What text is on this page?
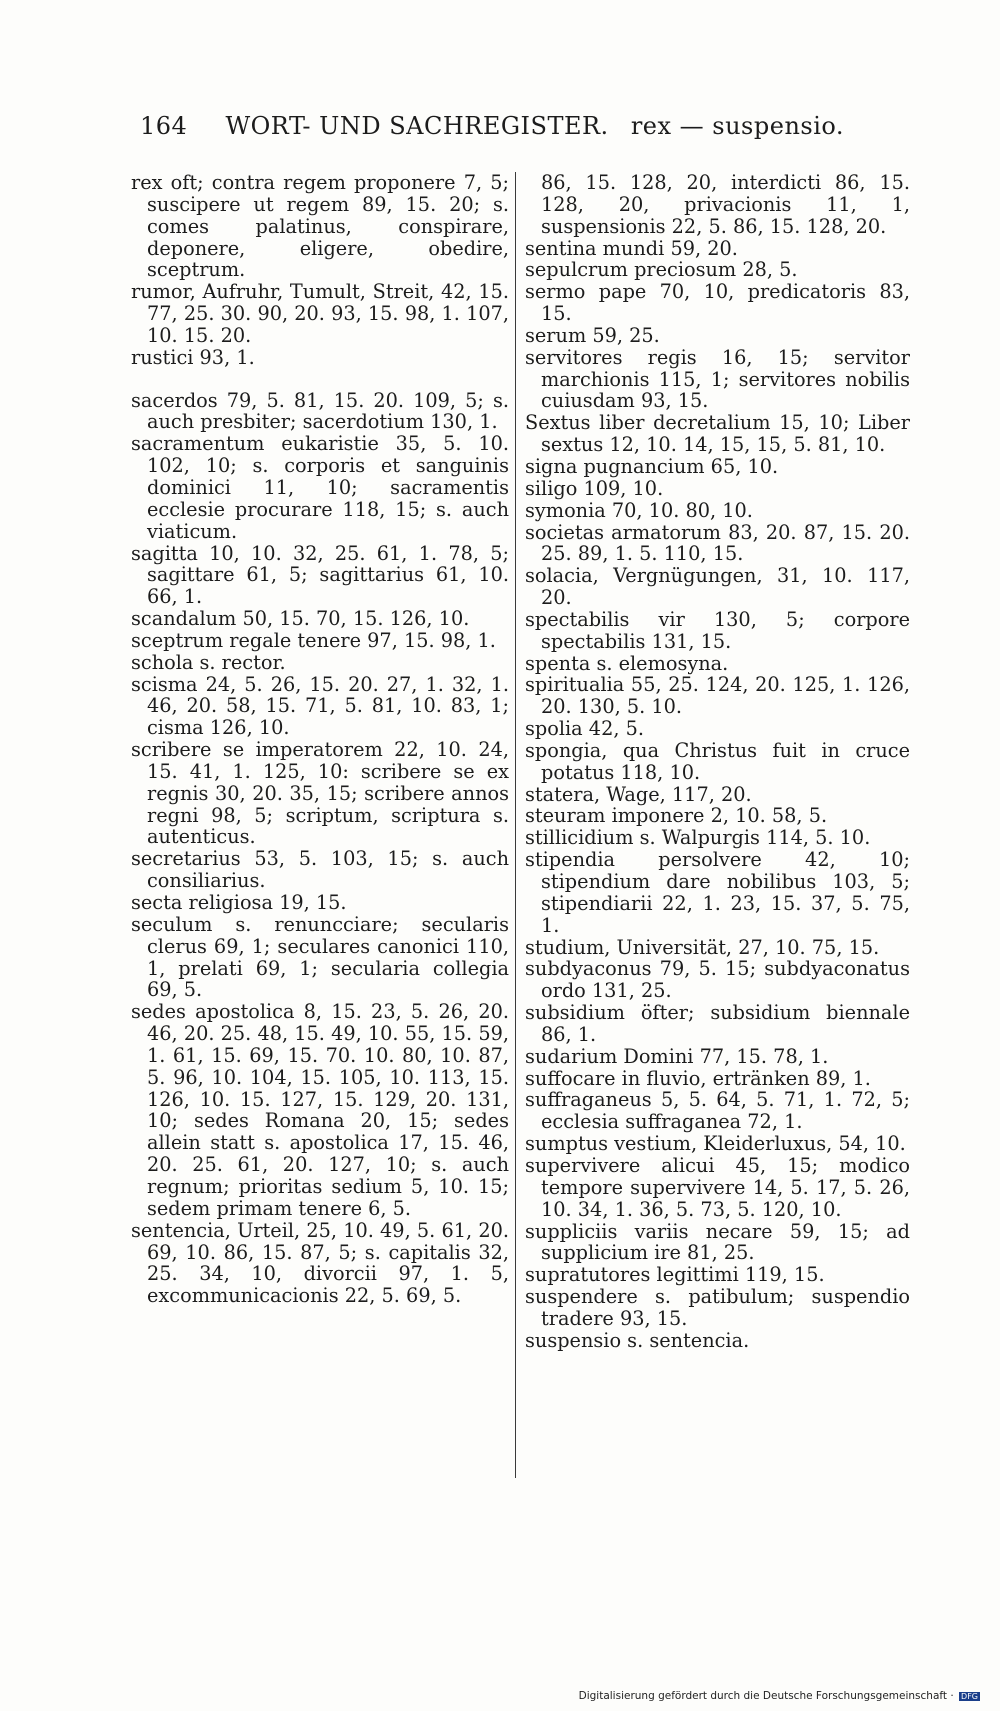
164 WORT- UND SACHREGISTER. rex — suspensio.

rex oft; contra regem proponere 7, 5; suscipere ut regem 89, 15. 20; s. comes palatinus, conspirare, deponere, eligere, obedire, sceptrum.

rumor, Aufruhr, Tumult, Streit, 42, 15. 77, 25. 30. 90, 20. 93, 15. 98, 1. 107, 10. 15. 20.

rustici 93, 1.

sacerdos 79, 5. 81, 15. 20. 109, 5; s. auch presbiter; sacerdotium 130, 1.

sacramentum eukaristie 35, 5. 10. 102, 10; s. corporis et sanguinis dominici 11, 10; sacramentis ecclesie procurare 118, 15; s. auch viaticum.

sagitta 10, 10. 32, 25. 61, 1. 78, 5; sagittare 61, 5; sagittarius 61, 10. 66, 1.

scandalum 50, 15. 70, 15. 126, 10.

sceptrum regale tenere 97, 15. 98, 1.

schola s. rector.

scisma 24, 5. 26, 15. 20. 27, 1. 32, 1. 46, 20. 58, 15. 71, 5. 81, 10. 83, 1; cisma 126, 10.

scribere se imperatorem 22, 10. 24, 15. 41, 1. 125, 10: scribere se ex regnis 30, 20. 35, 15; scribere annos regni 98, 5; scriptum, scriptura s. autenticus.

secretarius 53, 5. 103, 15; s. auch consiliarius.

secta religiosa 19, 15.

seculum s. renuncciare; secularis clerus 69, 1; seculares canonici 110, 1, prelati 69, 1; secularia collegia 69, 5.

sedes apostolica 8, 15. 23, 5. 26, 20. 46, 20. 25. 48, 15. 49, 10. 55, 15. 59, 1. 61, 15. 69, 15. 70. 10. 80, 10. 87, 5. 96, 10. 104, 15. 105, 10. 113, 15. 126, 10. 15. 127, 15. 129, 20. 131, 10; sedes Romana 20, 15; sedes allein statt s. apostolica 17, 15. 46, 20. 25. 61, 20. 127, 10; s. auch regnum; prioritas sedium 5, 10. 15; sedem primam tenere 6, 5.

sentencia, Urteil, 25, 10. 49, 5. 61, 20. 69, 10. 86, 15. 87, 5; s. capitalis 32, 25. 34, 10, divorcii 97, 1. 5, excommunicacionis 22, 5. 69, 5.

86, 15. 128, 20, interdicti 86, 15. 128, 20, privacionis 11, 1, suspensionis 22, 5. 86, 15. 128, 20.

sentina mundi 59, 20.

sepulcrum preciosum 28, 5.

sermo pape 70, 10, predicatoris 83, 15.

serum 59, 25.

servitores regis 16, 15; servitor marchionis 115, 1; servitores nobilis cuiusdam 93, 15.

Sextus liber decretalium 15, 10; Liber sextus 12, 10. 14, 15, 15, 5. 81, 10.

signa pugnancium 65, 10.

siligo 109, 10.

symonia 70, 10. 80, 10.

societas armatorum 83, 20. 87, 15. 20. 25. 89, 1. 5. 110, 15.

solacia, Vergnügungen, 31, 10. 117, 20.

spectabilis vir 130, 5; corpore spectabilis 131, 15.

spenta s. elemosyna.

spiritualia 55, 25. 124, 20. 125, 1. 126, 20. 130, 5. 10.

spolia 42, 5.

spongia, qua Christus fuit in cruce potatus 118, 10.

statera, Wage, 117, 20.

steuram imponere 2, 10. 58, 5.

stillicidium s. Walpurgis 114, 5. 10.

stipendia persolvere 42, 10; stipendium dare nobilibus 103, 5; stipendiarii 22, 1. 23, 15. 37, 5. 75, 1.

studium, Universität, 27, 10. 75, 15.

subdyaconus 79, 5. 15; subdyaconatus ordo 131, 25.

subsidium öfter; subsidium biennale 86, 1.

sudarium Domini 77, 15. 78, 1.

suffocare in fluvio, ertränken 89, 1.

suffraganeus 5, 5. 64, 5. 71, 1. 72, 5; ecclesia suffraganea 72, 1.

sumptus vestium, Kleiderluxus, 54, 10.

supervivere alicui 45, 15; modico tempore supervivere 14, 5. 17, 5. 26, 10. 34, 1. 36, 5. 73, 5. 120, 10.

suppliciis variis necare 59, 15; ad supplicium ire 81, 25.

supratutores legittimi 119, 15.

suspendere s. patibulum; suspendio tradere 93, 15.

suspensio s. sentencia.

Digitalisierung gefördert durch die Deutsche Forschungsgemeinschaft · DFG
